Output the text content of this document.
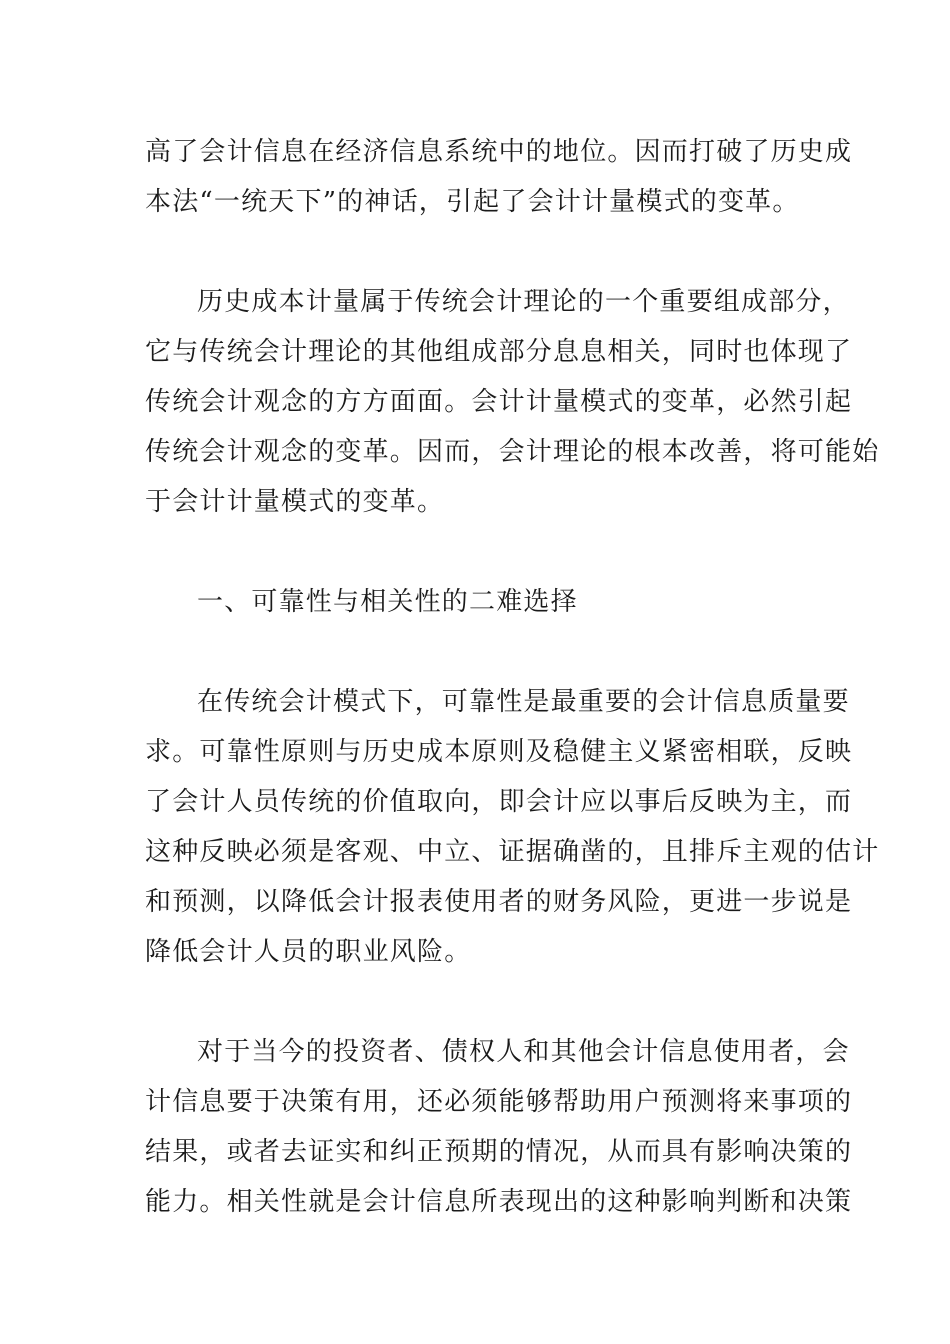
高了会计信息在经济信息系统中的地位。因而打破了历史成
本法“一统天下”的神话，引起了会计计量模式的变革。
历史成本计量属于传统会计理论的一个重要组成部分，
它与传统会计理论的其他组成部分息息相关，同时也体现了
传统会计观念的方方面面。会计计量模式的变革，必然引起
传统会计观念的变革。因而，会计理论的根本改善，将可能始
于会计计量模式的变革。
一、可靠性与相关性的二难选择
在传统会计模式下，可靠性是最重要的会计信息质量要
求。可靠性原则与历史成本原则及稳健主义紧密相联，反映
了会计人员传统的价值取向，即会计应以事后反映为主，而
这种反映必须是客观、中立、证据确凿的，且排斥主观的估计
和预测，以降低会计报表使用者的财务风险，更进一步说是
降低会计人员的职业风险。
对于当今的投资者、债权人和其他会计信息使用者，会
计信息要于决策有用，还必须能够帮助用户预测将来事项的
结果，或者去证实和纠正预期的情况，从而具有影响决策的
能力。相关性就是会计信息所表现出的这种影响判断和决策
